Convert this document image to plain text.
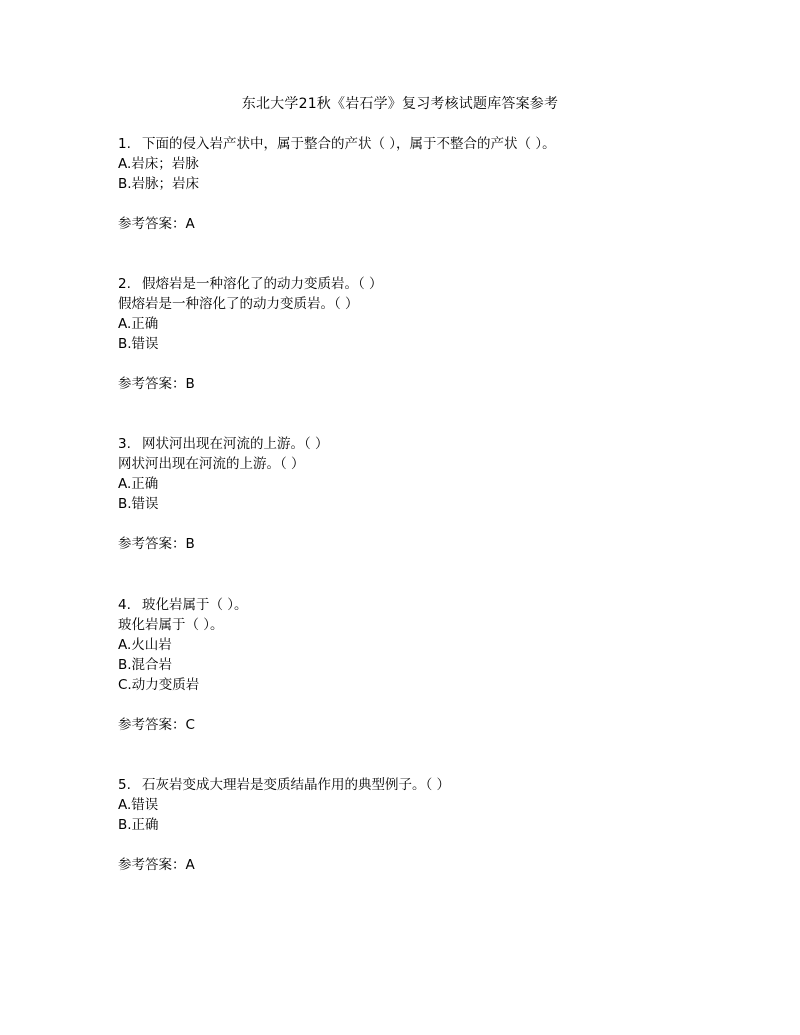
东北大学21秋《岩石学》复习考核试题库答案参考
1. 下面的侵入岩产状中，属于整合的产状（ ），属于不整合的产状（ ）。
A.岩床；岩脉
B.岩脉；岩床
参考答案：A
2. 假熔岩是一种溶化了的动力变质岩。（ ）
假熔岩是一种溶化了的动力变质岩。（ ）
A.正确
B.错误
参考答案：B
3. 网状河出现在河流的上游。（ ）
网状河出现在河流的上游。（ ）
A.正确
B.错误
参考答案：B
4. 玻化岩属于（ ）。
玻化岩属于（ ）。
A.火山岩
B.混合岩
C.动力变质岩
参考答案：C
5. 石灰岩变成大理岩是变质结晶作用的典型例子。（ ）
A.错误
B.正确
参考答案：A
